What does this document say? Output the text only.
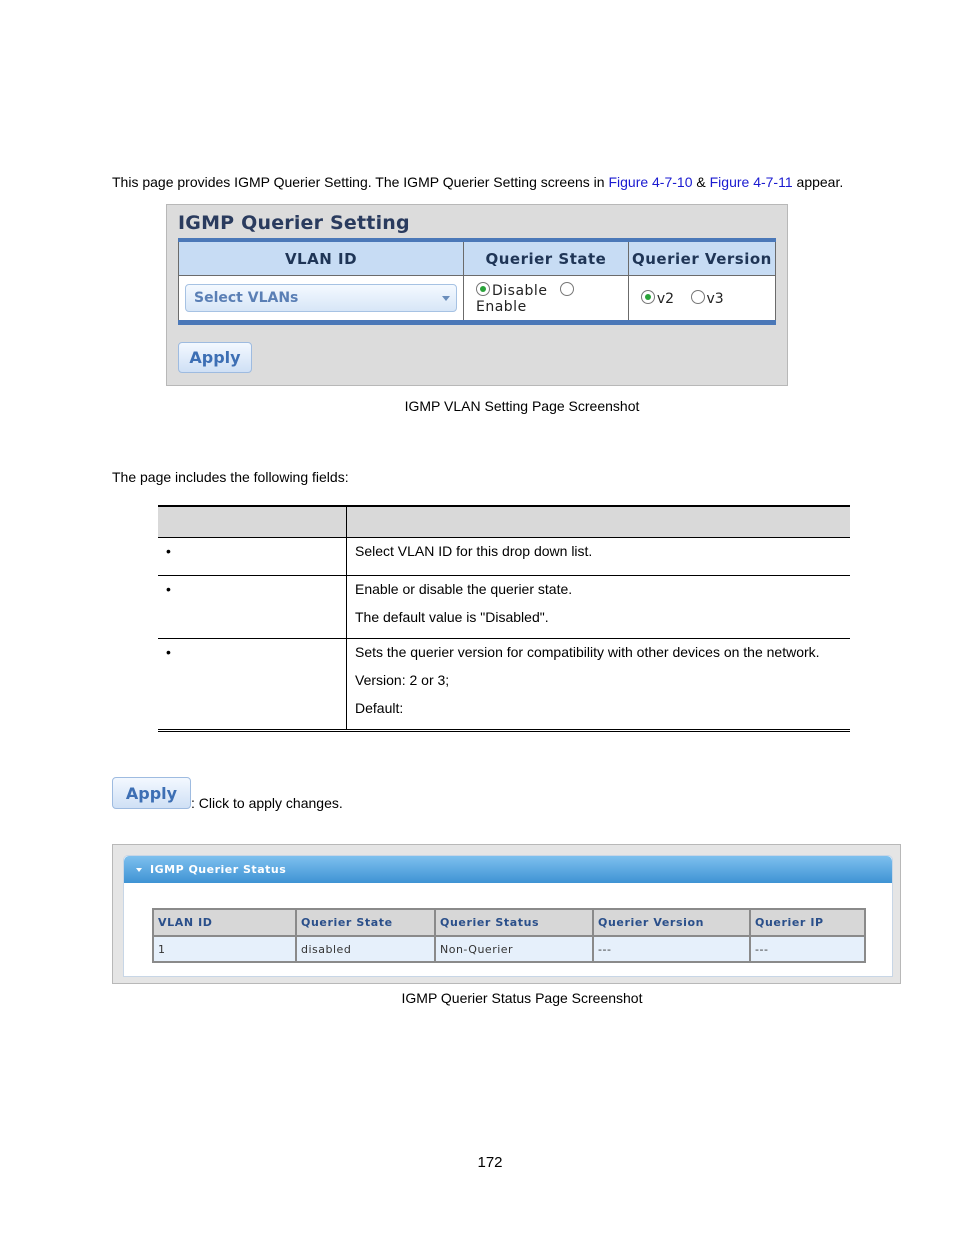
This page provides IGMP Querier Setting. The IGMP Querier Setting screens in Figure 4-7-10 & Figure 4-7-11 appear.
IGMP Querier Setting
VLAN ID	Querier State	Querier Version

Select VLANs	Disable Enable	v2 v3
Apply
IGMP VLAN Setting Page Screenshot
The page includes the following fields:

•	Select VLAN ID for this drop down list.

•	Enable or disable the querier state.

The default value is "Disabled".

•	Sets the querier version for compatibility with other devices on the network.

Version: 2 or 3;

Default:

Apply
: Click to apply changes.
IGMP Querier Status
VLAN ID	Querier State	Querier Status	Querier Version	Querier IP
1	disabled	Non-Querier	---	---
IGMP Querier Status Page Screenshot
172
